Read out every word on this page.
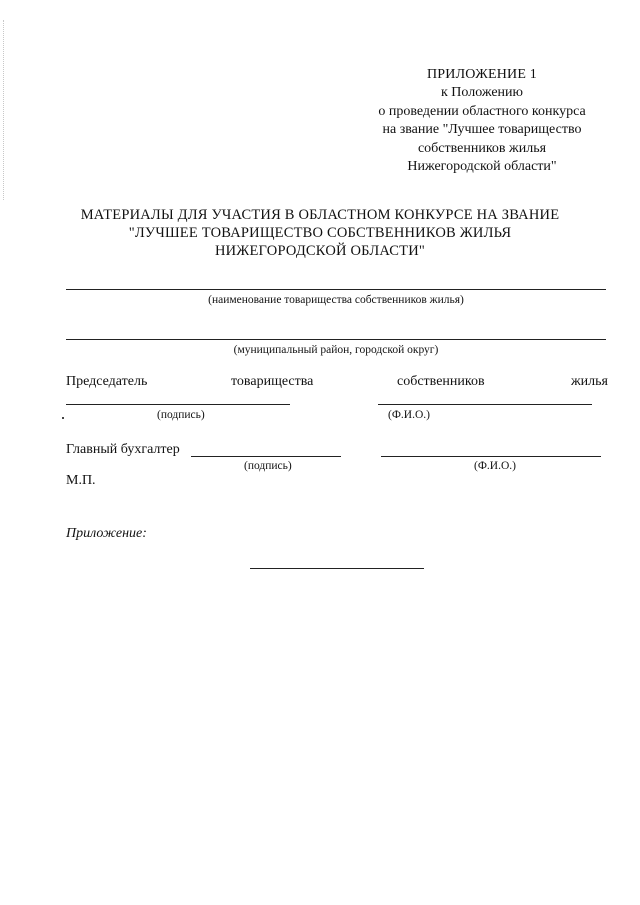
ПРИЛОЖЕНИЕ 1
к Положению
о проведении областного конкурса
на звание "Лучшее товарищество
собственников жилья
Нижегородской области"
МАТЕРИАЛЫ ДЛЯ УЧАСТИЯ В ОБЛАСТНОМ КОНКУРСЕ НА ЗВАНИЕ
"ЛУЧШЕЕ ТОВАРИЩЕСТВО СОБСТВЕННИКОВ ЖИЛЬЯ
НИЖЕГОРОДСКОЙ ОБЛАСТИ"
(наименование товарищества собственников жилья)
(муниципальный район, городской округ)
Председатель	товарищества	собственников	жилья
(подпись)	(Ф.И.О.)
Главный бухгалтер
(подпись)	(Ф.И.О.)
М.П.
Приложение:
